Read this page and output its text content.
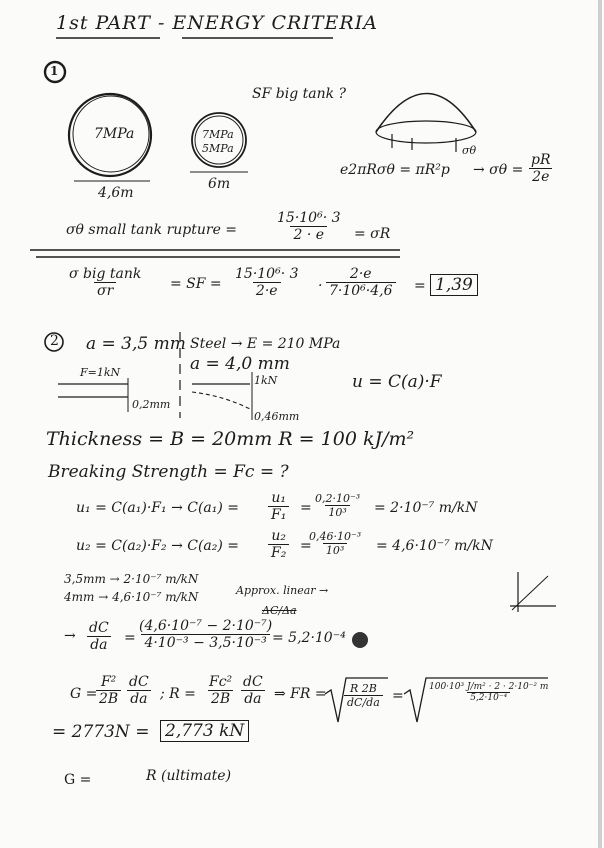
1st PART - ENERGY CRITERIA
1
SF big tank ?
7MPa
4,6m
7MPa
5MPa
6m
σθ
$e2\pi R\sigma\theta = \pi R^2p \to \sigma\theta = \frac{pR}{2e}$
σθ small tank rupture =	$\frac{\text{15·10⁶· 3}}{2 \cdot e} = \sigma R$
σ big tank
σr	= SF = $\frac{\text{15·10⁶· 3}}{2\cdot e} \cdot \frac{2\cdot e}{\text{7·10⁶·4,6}} = 1,39$
2 a = 3,5 mm Steel → E = 210 MPa
a = 4,0 mm
F=1kN
0,2mm
1kN
0,46mm
u = C(a)·F
Thickness = B = 20mm R = 100 kJ/m²
Breaking Strength = Fc = ?
$u_1 = C(a_1)\cdot F_1 \to C(a_1) = \frac{\text{u₁}}{\text{F₁}} = \frac{\text{0,2·10⁻³}}{\text{10³}} = 2\cdot 10^{-7}$ m/kN
$u_2 = C(a_2)\cdot F_2 \to C(a_2) = \frac{\text{u₂}}{\text{F₂}}$ =
$\frac{\text{0,46·10⁻³}}{\text{10³}} = 4,6\cdot 10^{-7}$ m/kN
3,5mm → 2·10⁻⁷ m/kN
4mm → 4,6·10⁻⁷ m/kN	Approx. linear →
ΔC/Δa
→ $\frac{dC}{da} = \frac{\text{(4,6·10⁻⁷ − 2·10⁻⁷)}}{\text{4·10⁻³ − 3,5·10⁻³}}$
= 5,2·10⁻⁴
G =
$\frac{\text{F²}}{2B} \frac{dC}{da}$ ; $R = \frac{\text{Fc²}}{2B} \frac{dC}{da}$ ⇒ FR = $\frac{R 2B}{dC/da} = \frac{\text{100·10³ J/m² · 2 · 2·10⁻² m}}{\text{5,2·10⁻⁴}}$
= 2773N = 2,773 kN
G =	R (ultimate)
